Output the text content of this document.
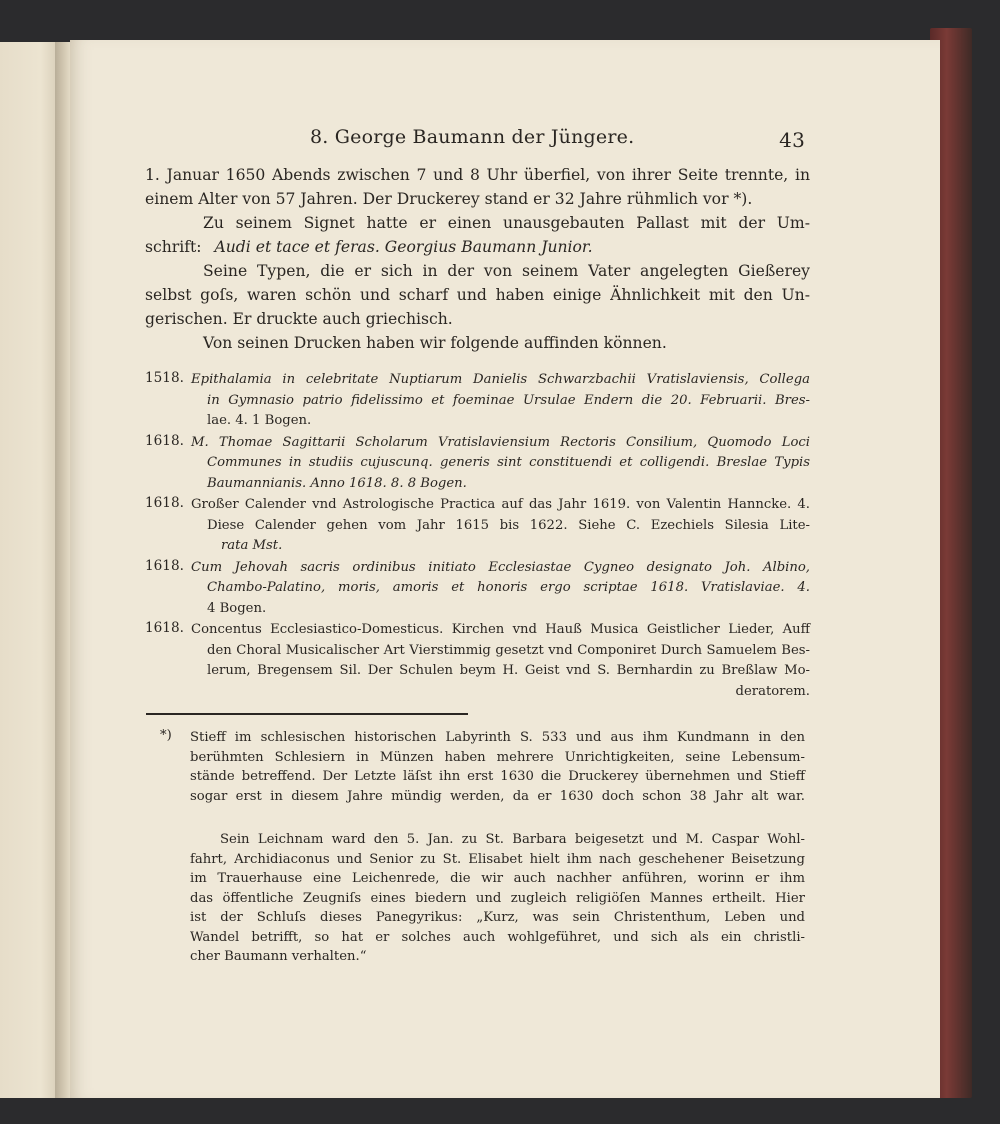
8. George Baumann der Jüngere.	43
1. Januar 1650 Abends zwischen 7 und 8 Uhr überfiel, von ihrer Seite trennte, in
einem Alter von 57 Jahren. Der Druckerey stand er 32 Jahre rühmlich vor *).
Zu seinem Signet hatte er einen unausgebauten Pallast mit der Um-
schrift: Audi et tace et feras. Georgius Baumann Junior.
Seine Typen, die er sich in der von seinem Vater angelegten Gießerey
selbst goſs, waren schön und scharf und haben einige Ähnlichkeit mit den Un-
gerischen. Er druckte auch griechisch.
Von seinen Drucken haben wir folgende auffinden können.
1518. Epithalamia in celebritate Nuptiarum Danielis Schwarzbachii Vratislaviensis, Collega
in Gymnasio patrio fidelissimo et foeminae Ursulae Endern die 20. Februarii. Bres-
lae. 4. 1 Bogen.
1618. M. Thomae Sagittarii Scholarum Vratislaviensium Rectoris Consilium, Quomodo Loci
Communes in studiis cujuscunq. generis sint constituendi et colligendi. Breslae Typis
Baumannianis. Anno 1618. 8. 8 Bogen.
1618. Großer Calender vnd Astrologische Practica auf das Jahr 1619. von Valentin Hanncke. 4.
Diese Calender gehen vom Jahr 1615 bis 1622. Siehe C. Ezechiels Silesia Lite-
rata Mst.
1618. Cum Jehovah sacris ordinibus initiato Ecclesiastae Cygneo designato Joh. Albino,
Chambo-Palatino, moris, amoris et honoris ergo scriptae 1618. Vratislaviae. 4.
4 Bogen.
1618. Concentus Ecclesiastico-Domesticus. Kirchen vnd Hauß Musica Geistlicher Lieder, Auff
den Choral Musicalischer Art Vierstimmig gesetzt vnd Componiret Durch Samuelem Bes-
lerum, Bregensem Sil. Der Schulen beym H. Geist vnd S. Bernhardin zu Breßlaw Mo-
deratorem.
*) Stieff im schlesischen historischen Labyrinth S. 533 und aus ihm Kundmann in den
berühmten Schlesiern in Münzen haben mehrere Unrichtigkeiten, seine Lebensum-
stände betreffend. Der Letzte läſst ihn erst 1630 die Druckerey übernehmen und Stieff
sogar erst in diesem Jahre mündig werden, da er 1630 doch schon 38 Jahr alt war.
Sein Leichnam ward den 5. Jan. zu St. Barbara beigesetzt und M. Caspar Wohl-
fahrt, Archidiaconus und Senior zu St. Elisabet hielt ihm nach geschehener Beisetzung
im Trauerhause eine Leichenrede, die wir auch nachher anführen, worinn er ihm
das öffentliche Zeugniſs eines biedern und zugleich religiöſen Mannes ertheilt. Hier
ist der Schluſs dieses Panegyrikus: „Kurz, was sein Christenthum, Leben und
Wandel betrifft, so hat er solches auch wohlgeführet, und sich als ein christli-
cher Baumann verhalten.“
